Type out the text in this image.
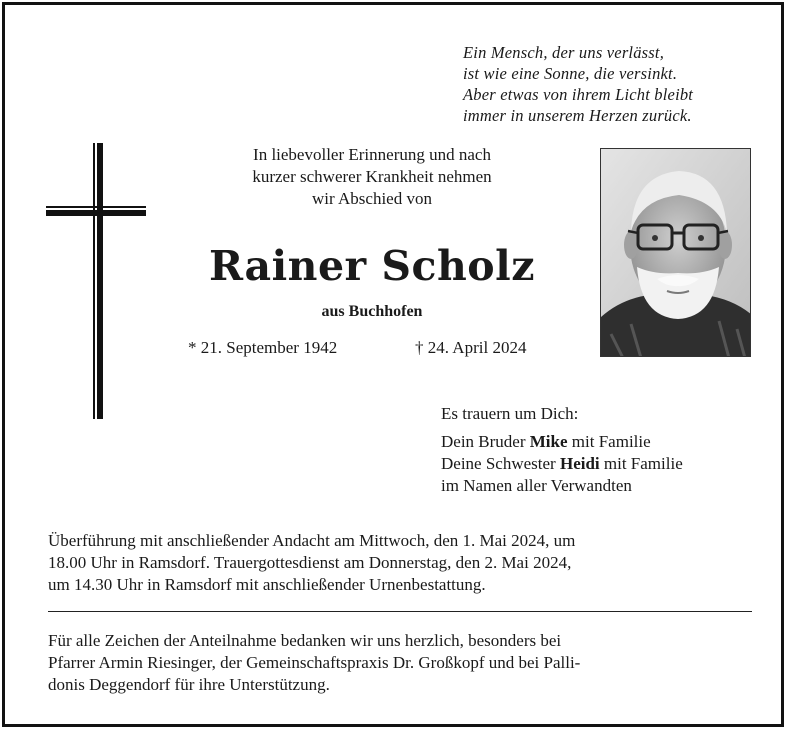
Ein Mensch, der uns verlässt,
ist wie eine Sonne, die versinkt.
Aber etwas von ihrem Licht bleibt
immer in unserem Herzen zurück.
In liebevoller Erinnerung und nach
kurzer schwerer Krankheit nehmen
wir Abschied von
Rainer Scholz
aus Buchhofen
* 21. September 1942	† 24. April 2024
Es trauern um Dich:
Dein Bruder Mike mit Familie
Deine Schwester Heidi mit Familie
im Namen aller Verwandten
Überführung mit anschließender Andacht am Mittwoch, den 1. Mai 2024, um
18.00 Uhr in Ramsdorf. Trauergottesdienst am Donnerstag, den 2. Mai 2024,
um 14.30 Uhr in Ramsdorf mit anschließender Urnenbestattung.
Für alle Zeichen der Anteilnahme bedanken wir uns herzlich, besonders bei
Pfarrer Armin Riesinger, der Gemeinschaftspraxis Dr. Großkopf und bei Palli-
donis Deggendorf für ihre Unterstützung.
